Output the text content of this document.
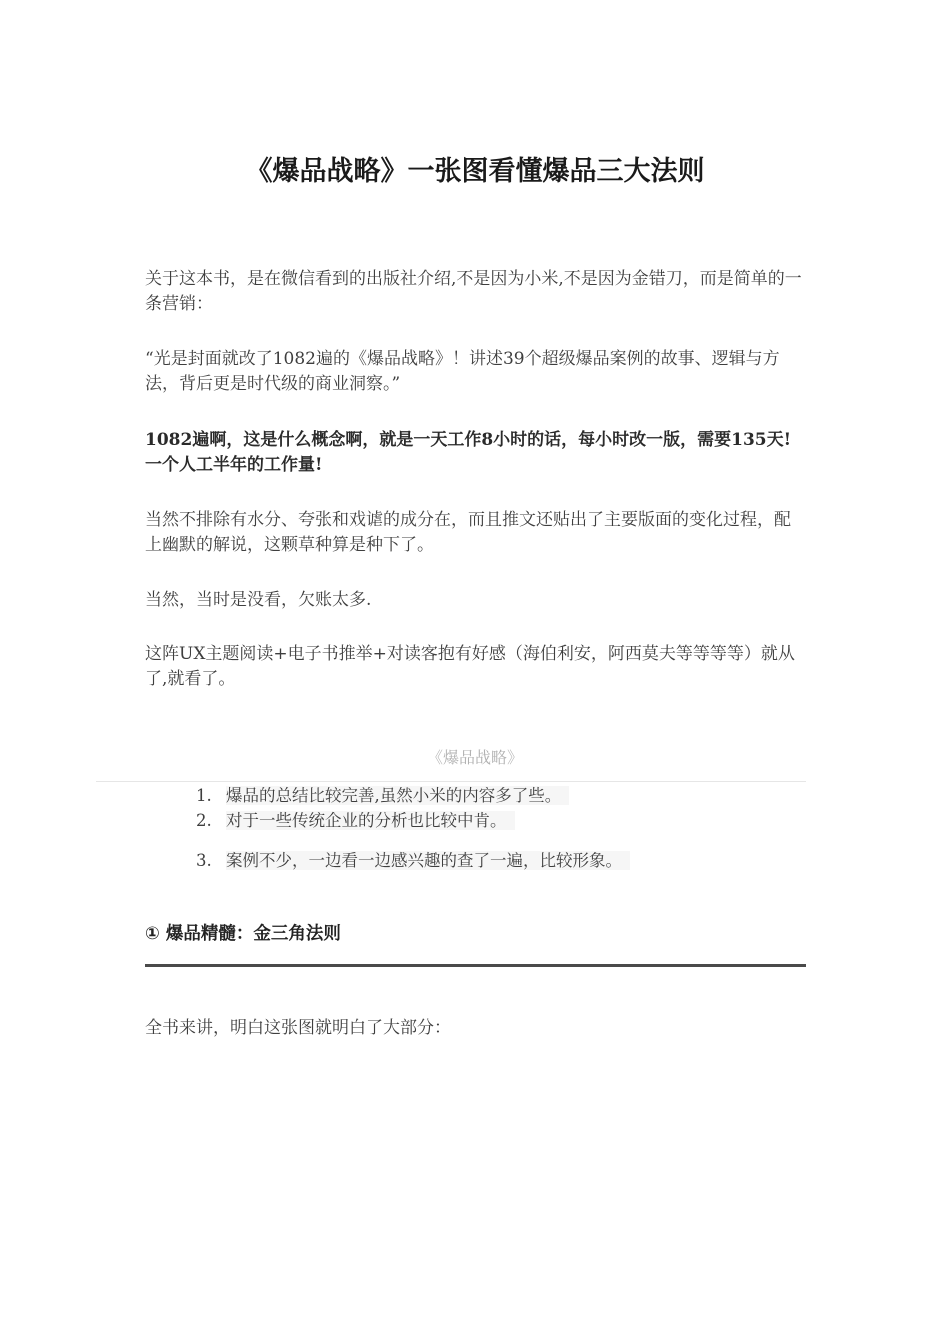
《爆品战略》一张图看懂爆品三大法则

关于这本书，是在微信看到的出版社介绍,不是因为小米,不是因为金错刀，而是简单的一条营销：

“光是封面就改了1082遍的《爆品战略》！讲述39个超级爆品案例的故事、逻辑与方法，背后更是时代级的商业洞察。”

1082遍啊，这是什么概念啊，就是一天工作8小时的话，每小时改一版，需要135天!一个人工半年的工作量!

当然不排除有水分、夸张和戏谑的成分在，而且推文还贴出了主要版面的变化过程，配上幽默的解说，这颗草种算是种下了。

当然，当时是没看，欠账太多.

这阵UX主题阅读+电子书推举+对读客抱有好感（海伯利安，阿西莫夫等等等等）就从了,就看了。

《爆品战略》
1. 爆品的总结比较完善,虽然小米的内容多了些。
2. 对于一些传统企业的分析也比较中肯。
3. 案例不少，一边看一边感兴趣的查了一遍，比较形象。
① 爆品精髓：金三角法则

全书来讲，明白这张图就明白了大部分：
